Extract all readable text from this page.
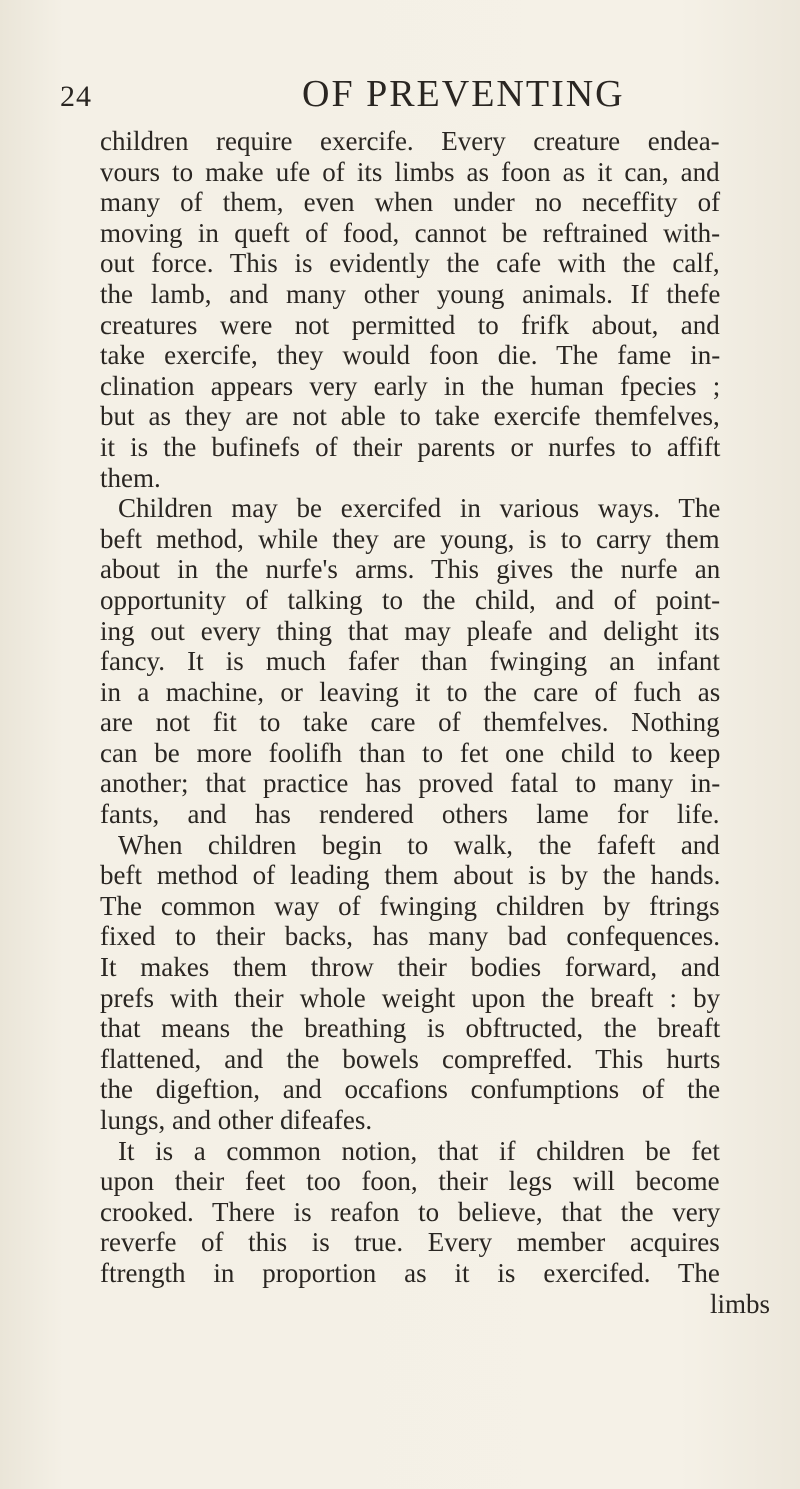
24	OF PREVENTING
children require exercife. Every creature endea-
vours to make ufe of its limbs as foon as it can, and
many of them, even when under no neceffity of
moving in queft of food, cannot be reftrained with-
out force. This is evidently the cafe with the calf,
the lamb, and many other young animals. If thefe
creatures were not permitted to frifk about, and
take exercife, they would foon die. The fame in-
clination appears very early in the human fpecies ;
but as they are not able to take exercife themfelves,
it is the bufinefs of their parents or nurfes to affift
them.
Children may be exercifed in various ways. The
beft method, while they are young, is to carry them
about in the nurfe's arms. This gives the nurfe an
opportunity of talking to the child, and of point-
ing out every thing that may pleafe and delight its
fancy. It is much fafer than fwinging an infant
in a machine, or leaving it to the care of fuch as
are not fit to take care of themfelves. Nothing
can be more foolifh than to fet one child to keep
another; that practice has proved fatal to many in-
fants, and has rendered others lame for life.
When children begin to walk, the fafeft and
beft method of leading them about is by the hands.
The common way of fwinging children by ftrings
fixed to their backs, has many bad confequences.
It makes them throw their bodies forward, and
prefs with their whole weight upon the breaft : by
that means the breathing is obftructed, the breaft
flattened, and the bowels compreffed. This hurts
the digeftion, and occafions confumptions of the
lungs, and other difeafes.
It is a common notion, that if children be fet
upon their feet too foon, their legs will become
crooked. There is reafon to believe, that the very
reverfe of this is true. Every member acquires
ftrength in proportion as it is exercifed. The
limbs
